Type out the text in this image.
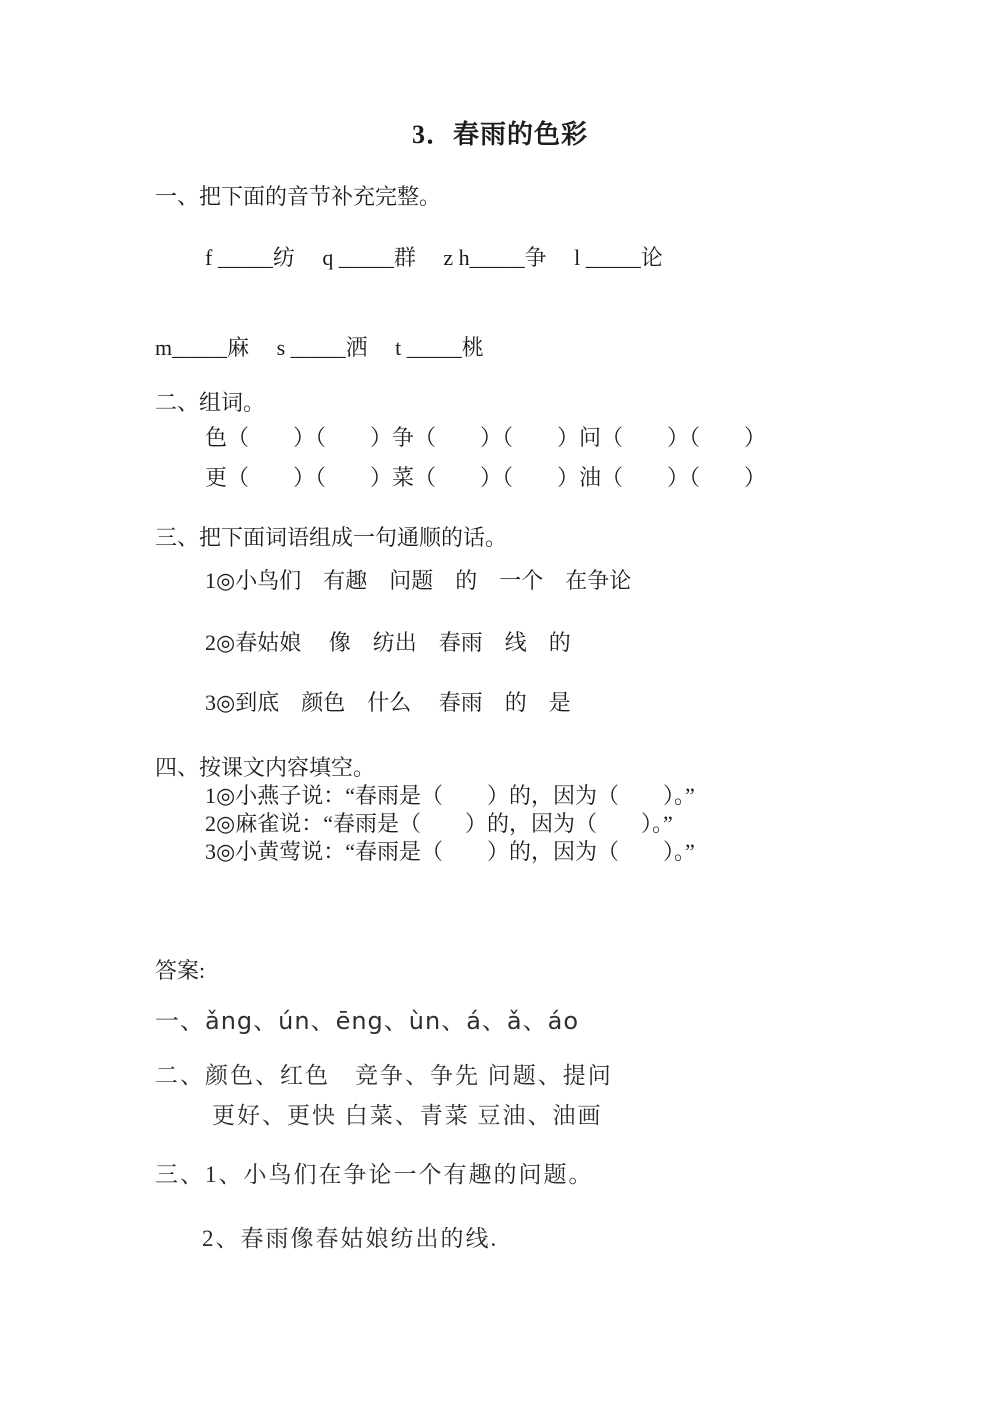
3．春雨的色彩
一、把下面的音节补充完整。
f _____纺　 q _____群　 z h_____争　 l _____论
m_____麻　 s _____洒　 t _____桃
二、组词。
色（　　）（　　）争（　　）（　　）问（　　）（　　）
更（　　）（　　）菜（　　）（　　）油（　　）（　　）
三、把下面词语组成一句通顺的话。
1◎小鸟们　有趣　问题　的　一个　在争论
2◎春姑娘　 像　纺出　春雨　线　的
3◎到底　颜色　什么　 春雨　的　是
四、按课文内容填空。
1◎小燕子说：“春雨是（　　）的，因为（　　）。”
2◎麻雀说：“春雨是（　　）的，因为（　　）。”
3◎小黄莺说：“春雨是（　　）的，因为（　　）。”
答案:
一、ǎng、ún、ēng、ùn、á、ǎ、áo
二、颜色、红色　竞争、争先 问题、提问
更好、更快 白菜、青菜 豆油、油画
三、1、小鸟们在争论一个有趣的问题。
2、春雨像春姑娘纺出的线.
